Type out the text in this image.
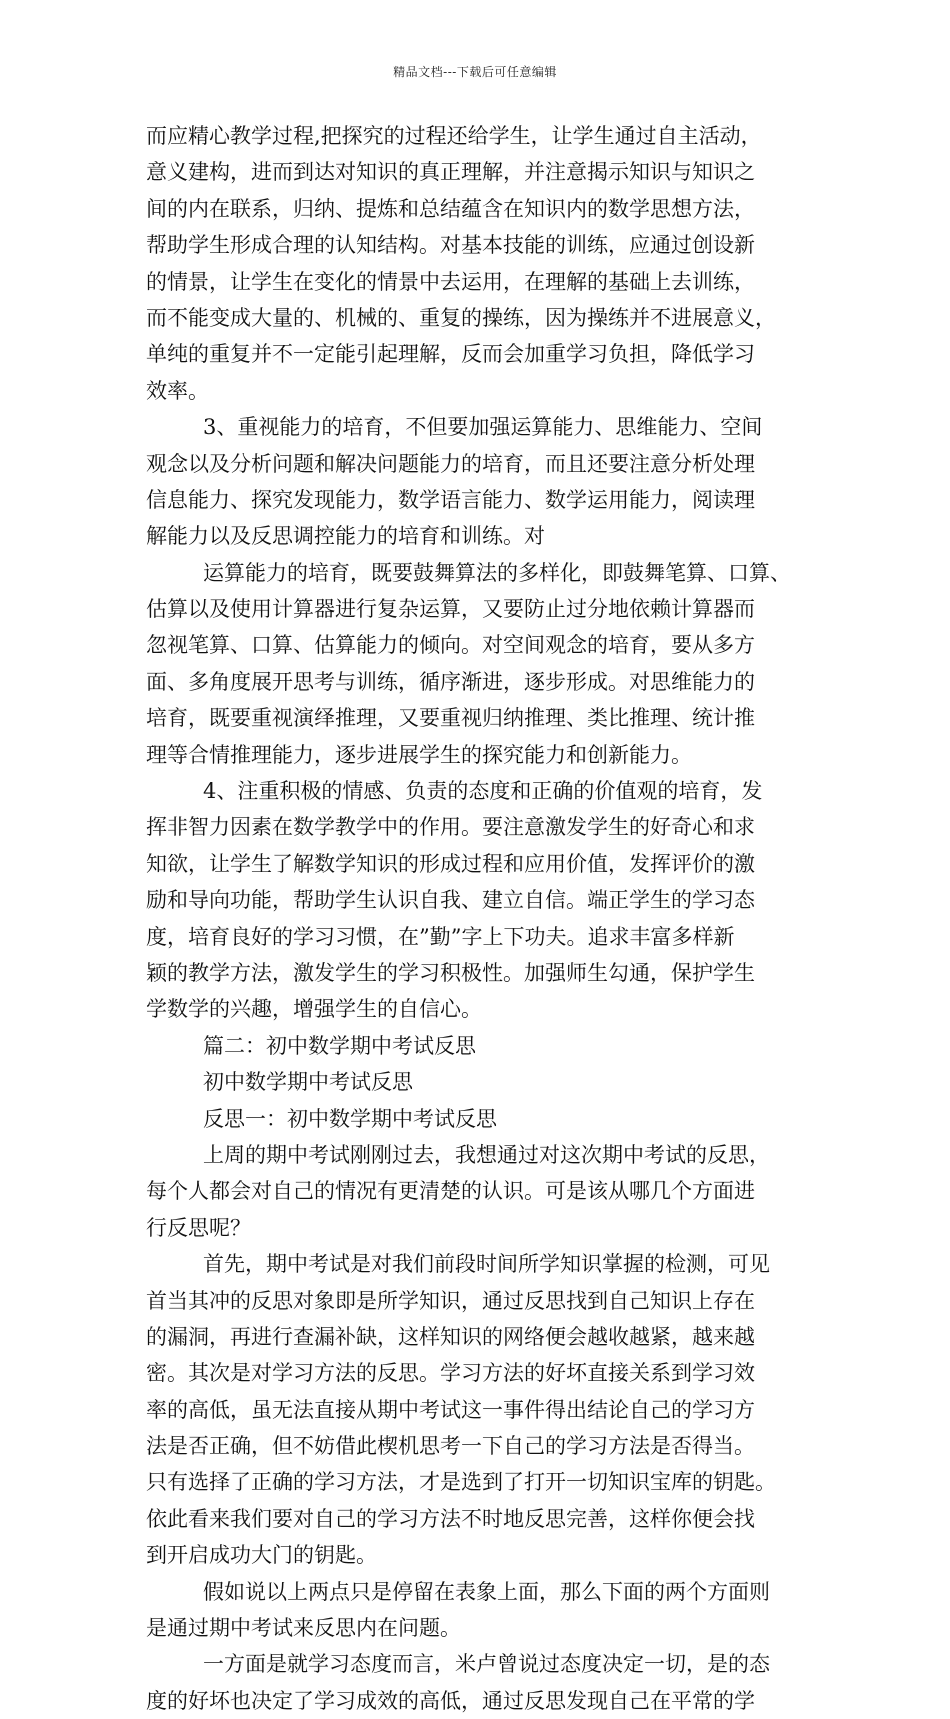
精品文档---下载后可任意编辑
而应精心教学过程,把探究的过程还给学生，让学生通过自主活动，
意义建构，进而到达对知识的真正理解，并注意揭示知识与知识之
间的内在联系，归纳、提炼和总结蕴含在知识内的数学思想方法，
帮助学生形成合理的认知结构。对基本技能的训练，应通过创设新
的情景，让学生在变化的情景中去运用，在理解的基础上去训练，
而不能变成大量的、机械的、重复的操练，因为操练并不进展意义，
单纯的重复并不一定能引起理解，反而会加重学习负担，降低学习
效率。
3、重视能力的培育，不但要加强运算能力、思维能力、空间
观念以及分析问题和解决问题能力的培育，而且还要注意分析处理
信息能力、探究发现能力，数学语言能力、数学运用能力，阅读理
解能力以及反思调控能力的培育和训练。对
运算能力的培育，既要鼓舞算法的多样化，即鼓舞笔算、口算、
估算以及使用计算器进行复杂运算，又要防止过分地依赖计算器而
忽视笔算、口算、估算能力的倾向。对空间观念的培育，要从多方
面、多角度展开思考与训练，循序渐进，逐步形成。对思维能力的
培育，既要重视演绎推理，又要重视归纳推理、类比推理、统计推
理等合情推理能力，逐步进展学生的探究能力和创新能力。
4、注重积极的情感、负责的态度和正确的价值观的培育，发
挥非智力因素在数学教学中的作用。要注意激发学生的好奇心和求
知欲，让学生了解数学知识的形成过程和应用价值，发挥评价的激
励和导向功能，帮助学生认识自我、建立自信。端正学生的学习态
度，培育良好的学习习惯，在”勤”字上下功夫。追求丰富多样新
颖的教学方法，激发学生的学习积极性。加强师生勾通，保护学生
学数学的兴趣，增强学生的自信心。
篇二：初中数学期中考试反思
初中数学期中考试反思
反思一：初中数学期中考试反思
上周的期中考试刚刚过去，我想通过对这次期中考试的反思，
每个人都会对自己的情况有更清楚的认识。可是该从哪几个方面进
行反思呢？
首先，期中考试是对我们前段时间所学知识掌握的检测，可见
首当其冲的反思对象即是所学知识，通过反思找到自己知识上存在
的漏洞，再进行查漏补缺，这样知识的网络便会越收越紧，越来越
密。其次是对学习方法的反思。学习方法的好坏直接关系到学习效
率的高低，虽无法直接从期中考试这一事件得出结论自己的学习方
法是否正确，但不妨借此楔机思考一下自己的学习方法是否得当。
只有选择了正确的学习方法，才是选到了打开一切知识宝库的钥匙。
依此看来我们要对自己的学习方法不时地反思完善，这样你便会找
到开启成功大门的钥匙。
假如说以上两点只是停留在表象上面，那么下面的两个方面则
是通过期中考试来反思内在问题。
一方面是就学习态度而言，米卢曾说过态度决定一切，是的态
度的好坏也决定了学习成效的高低，通过反思发现自己在平常的学
